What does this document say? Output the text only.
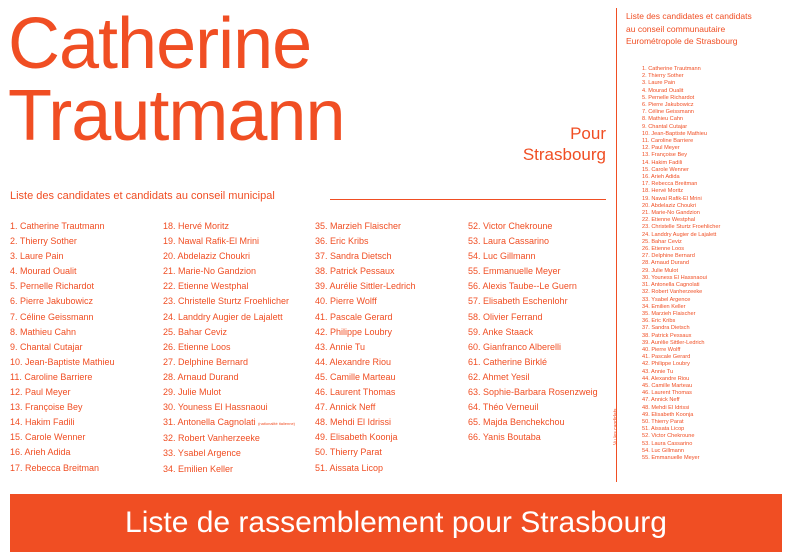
Catherine
Trautmann	Pour
Strasbourg
Liste des candidates et candidats au conseil municipal
1. Catherine Trautmann
2. Thierry Sother
3. Laure Pain
4. Mourad Oualit
5. Pernelle Richardot
6. Pierre Jakubowicz
7. Céline Geissmann
8. Mathieu Cahn
9. Chantal Cutajar
10. Jean-Baptiste Mathieu
11. Caroline Barriere
12. Paul Meyer
13. Françoise Bey
14. Hakim Fadili
15. Carole Wenner
16. Arieh Adida
17. Rebecca Breitman
18. Hervé Moritz
19. Nawal Rafik-El Mrini
20. Abdelaziz Choukri
21. Marie-No Gandzion
22. Etienne Westphal
23. Christelle Sturtz Froehlicher
24. Landdry Augier de Lajalett
25. Bahar Ceviz
26. Etienne Loos
27. Delphine Bernard
28. Arnaud Durand
29. Julie Mulot
30. Youness El Hassnaoui
31. Antonella Cagnolati (nationalité italienne)
32. Robert Vanherzeeke
33. Ysabel Argence
34. Emilien Keller
35. Marzieh Flaischer
36. Eric Kribs
37. Sandra Dietsch
38. Patrick Pessaux
39. Aurélie Sittler-Ledrich
40. Pierre Wolff
41. Pascale Gerard
42. Philippe Loubry
43. Annie Tu
44. Alexandre Riou
45. Camille Marteau
46. Laurent Thomas
47. Annick Neff
48. Mehdi El Idrissi
49. Elisabeth Koonja
50. Thierry Parat
51. Aissata Licop
52. Victor Chekroune
53. Laura Cassarino
54. Luc Gillmann
55. Emmanuelle Meyer
56. Alexis Taube--Le Guern
57. Elisabeth Eschenlohr
58. Olivier Ferrand
59. Anke Staack
60. Gianfranco Alberelli
61. Catherine Birklé
62. Ahmet Yesil
63. Sophie-Barbara Rosenzweig
64. Théo Verneuil
65. Majda Benchekchou
66. Yanis Boutaba
Liste des candidates et candidats
au conseil communautaire
Eurométropole de Strasbourg
1. Catherine Trautmann
2. Thierry Sother
3. Laure Pain
4. Mourad Oualit
5. Pernelle Richardot
6. Pierre Jakubowicz
7. Céline Geissmann
8. Mathieu Cahn
9. Chantal Cutajar
10. Jean-Baptiste Mathieu
11. Caroline Barriere
12. Paul Meyer
13. Françoise Bey
14. Hakim Fadili
15. Carole Wenner
16. Arieh Adida
17. Rebecca Breitman
18. Hervé Moritz
19. Nawal Rafik-El Mrini
20. Abdelaziz Choukri
21. Marie-No Gandzion
22. Etienne Westphal
23. Christelle Sturtz Froehlicher
24. Landdry Augier de Lajalett
25. Bahar Ceviz
26. Etienne Loos
27. Delphine Bernard
28. Arnaud Durand
29. Julie Mulot
30. Youness El Hassnaoui
31. Antonella Cagnolati
32. Robert Vanherzeeke
33. Ysabel Argence
34. Emilien Keller
35. Marzieh Flaischer
36. Eric Kribs
37. Sandra Dietsch
38. Patrick Pessaux
39. Aurélie Sittler-Ledrich
40. Pierre Wolff
41. Pascale Gerard
42. Philippe Loubry
43. Annie Tu
44. Alexandre Riou
45. Camille Marteau
46. Laurent Thomas
47. Annick Neff
48. Mehdi El Idrissi
49. Elisabeth Koonja
50. Thierry Parat
51. Aissata Licop
52. Victor Chekroune
53. Laura Cassarino
54. Luc Gillmann
55. Emmanuelle Meyer
Vu les candidats
Liste de rassemblement pour Strasbourg
